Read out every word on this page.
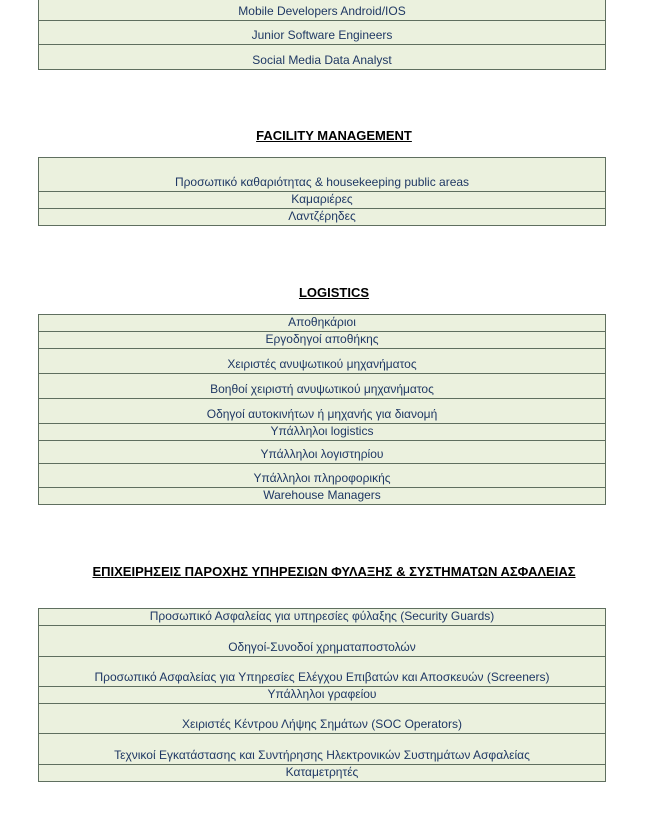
Mobile Developers Android/IOS
Junior Software Engineers
Social Media Data Analyst
FACILITY MANAGEMENT
Προσωπικό καθαριότητας & housekeeping public areas
Καμαριέρες
Λαντζέρηδες
LOGISTICS
Αποθηκάριοι
Εργοδηγοί αποθήκης
Χειριστές ανυψωτικού μηχανήματος
Βοηθοί χειριστή ανυψωτικού μηχανήματος
Οδηγοί αυτοκινήτων ή μηχανής για διανομή
Υπάλληλοι logistics
Υπάλληλοι λογιστηρίου
Υπάλληλοι πληροφορικής
Warehouse Managers
ΕΠΙΧΕΙΡΗΣΕΙΣ ΠΑΡΟΧΗΣ ΥΠΗΡΕΣΙΩΝ ΦΥΛΑΞΗΣ & ΣΥΣΤΗΜΑΤΩΝ ΑΣΦΑΛΕΙΑΣ
Προσωπικό Ασφαλείας για υπηρεσίες φύλαξης (Security Guards)
Οδηγοί-Συνοδοί χρηματαποστολών
Προσωπικό Ασφαλείας για Υπηρεσίες Ελέγχου Επιβατών και Αποσκευών (Screeners)
Υπάλληλοι γραφείου
Χειριστές Κέντρου Λήψης Σημάτων (SOC Operators)
Τεχνικοί Εγκατάστασης και Συντήρησης Ηλεκτρονικών Συστημάτων Ασφαλείας
Καταμετρητές
